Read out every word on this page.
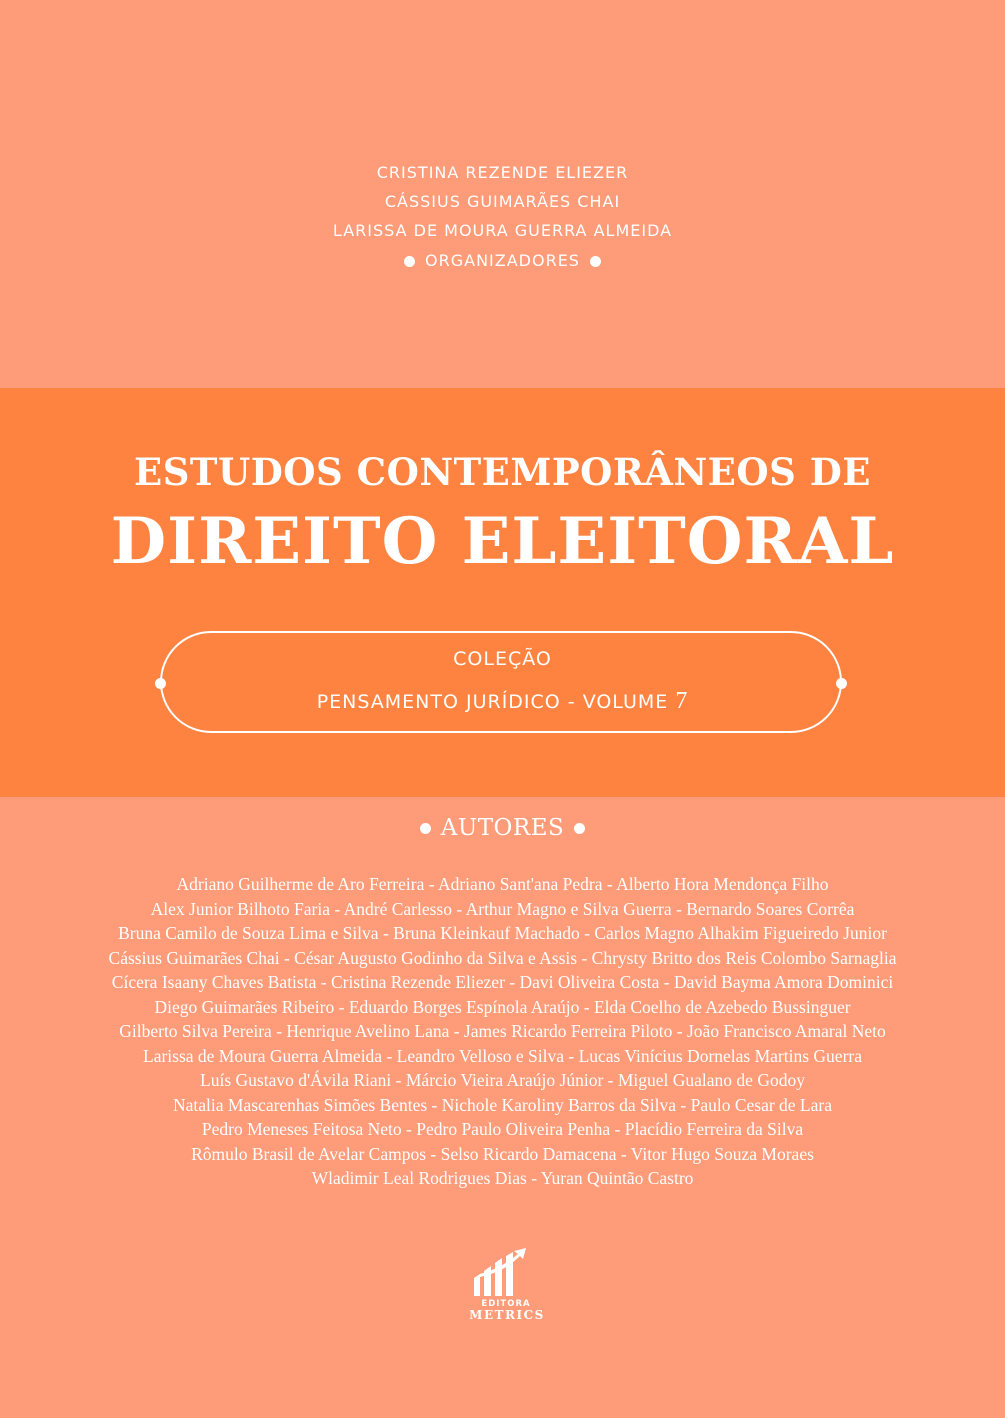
CRISTINA REZENDE ELIEZER
CÁSSIUS GUIMARÃES CHAI
LARISSA DE MOURA GUERRA ALMEIDA
ORGANIZADORES
ESTUDOS CONTEMPORÂNEOS DE
DIREITO ELEITORAL
COLEÇÃO
PENSAMENTO JURÍDICO - VOLUME 7
AUTORES
Adriano Guilherme de Aro Ferreira - Adriano Sant'ana Pedra - Alberto Hora Mendonça Filho
Alex Junior Bilhoto Faria - André Carlesso - Arthur Magno e Silva Guerra - Bernardo Soares Corrêa
Bruna Camilo de Souza Lima e Silva - Bruna Kleinkauf Machado - Carlos Magno Alhakim Figueiredo Junior
Cássius Guimarães Chai - César Augusto Godinho da Silva e Assis - Chrysty Britto dos Reis Colombo Sarnaglia
Cícera Isaany Chaves Batista - Cristina Rezende Eliezer - Davi Oliveira Costa - David Bayma Amora Dominici
Diego Guimarães Ribeiro - Eduardo Borges Espínola Araújo - Elda Coelho de Azebedo Bussinguer
Gilberto Silva Pereira - Henrique Avelino Lana - James Ricardo Ferreira Piloto - João Francisco Amaral Neto
Larissa de Moura Guerra Almeida - Leandro Velloso e Silva - Lucas Vinícius Dornelas Martins Guerra
Luís Gustavo d'Ávila Riani - Márcio Vieira Araújo Júnior - Miguel Gualano de Godoy
Natalia Mascarenhas Simões Bentes - Nichole Karoliny Barros da Silva - Paulo Cesar de Lara
Pedro Meneses Feitosa Neto - Pedro Paulo Oliveira Penha - Placídio Ferreira da Silva
Rômulo Brasil de Avelar Campos - Selso Ricardo Damacena - Vitor Hugo Souza Moraes
Wladimir Leal Rodrigues Dias - Yuran Quintão Castro
EDITORA
METRICS
